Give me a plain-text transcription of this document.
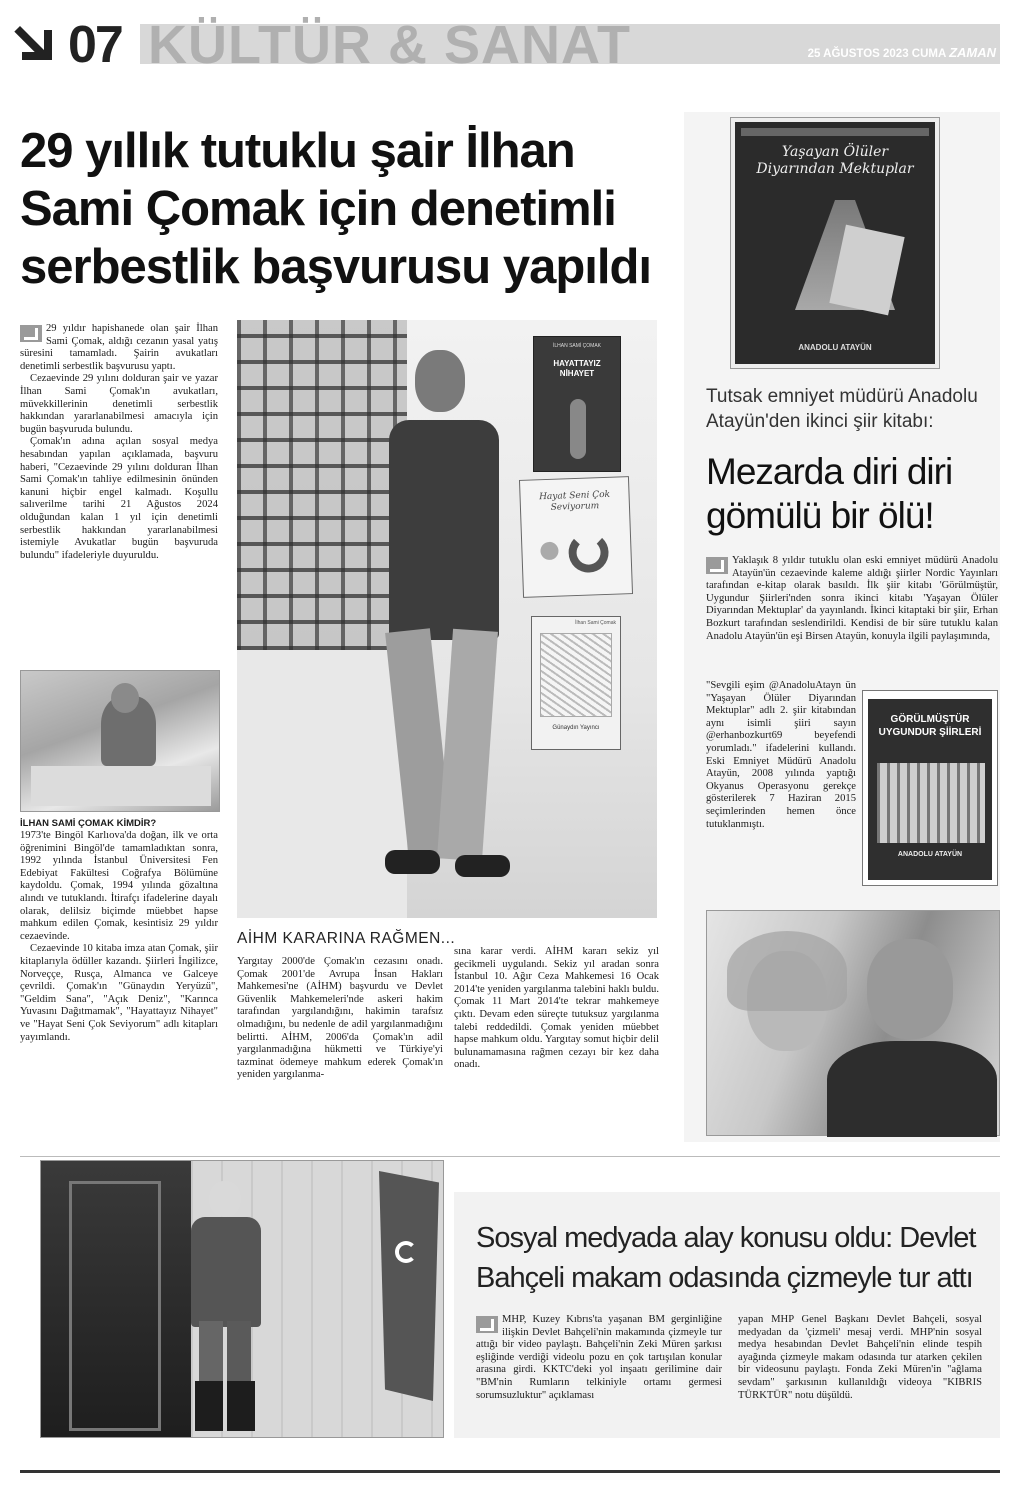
07 KÜLTÜR & SANAT	25 AĞUSTOS 2023 CUMA ZAMAN
29 yıllık tutuklu şair İlhan
Sami Çomak için denetimli
serbestlik başvurusu yapıldı

29 yıldır hapishanede olan şair İlhan Sami Çomak, aldığı cezanın yasal yatış süresini tamamladı. Şairin avukatları denetimli serbestlik başvurusu yaptı.

Cezaevinde 29 yılını dolduran şair ve yazar İlhan Sami Çomak'ın avukatları, müvekkillerinin denetimli serbestlik hakkından yararlanabilmesi amacıyla için bugün başvuruda bulundu.

Çomak'ın adına açılan sosyal medya hesabından yapılan açıklamada, başvuru haberi, "Cezaevinde 29 yılını dolduran İlhan Sami Çomak'ın tahliye edilmesinin önünden kanuni hiçbir engel kalmadı. Koşullu salıverilme tarihi 21 Ağustos 2024 olduğundan kalan 1 yıl için denetimli serbestlik hakkından yararlanabilmesi istemiyle Avukatlar bugün başvuruda bulundu" ifadeleriyle duyuruldu.

İLHAN SAMİ ÇOMAK KİMDİR?

1973'te Bingöl Karlıova'da doğan, ilk ve orta öğrenimini Bingöl'de tamamladıktan sonra, 1992 yılında İstanbul Üniversitesi Fen Edebiyat Fakültesi Coğrafya Bölümüne kaydoldu. Çomak, 1994 yılında gözaltına alındı ve tutuklandı. İtirafçı ifadelerine dayalı olarak, delilsiz biçimde müebbet hapse mahkum edilen Çomak, kesintisiz 29 yıldır cezaevinde.

Cezaevinde 10 kitaba imza atan Çomak, şiir kitaplarıyla ödüller kazandı. Şiirleri İngilizce, Norveççe, Rusça, Almanca ve Galceye çevrildi. Çomak'ın "Günaydın Yeryüzü", "Geldim Sana", "Açık Deniz", "Karınca Yuvasını Dağıtmamak", "Hayattayız Nihayet" ve "Hayat Seni Çok Seviyorum" adlı kitapları yayımlandı.

İLHAN SAMİ ÇOMAK
HAYATTAYIZ NİHAYET
Hayat Seni Çok Seviyorum
İlhan Sami Çomak
Günaydın Yayıncı
AİHM KARARINA RAĞMEN...

Yargıtay 2000'de Çomak'ın cezasını onadı. Çomak 2001'de Avrupa İnsan Hakları Mahkemesi'ne (AİHM) başvurdu ve Devlet Güvenlik Mahkemeleri'nde askeri hakim tarafından yargılandığını, hakimin tarafsız olmadığını, bu nedenle de adil yargılanmadığını belirtti. AİHM, 2006'da Çomak'ın adil yargılanmadığına hükmetti ve Türkiye'yi tazminat ödemeye mahkum ederek Çomak'ın yeniden yargılanma-

sına karar verdi. AİHM kararı sekiz yıl gecikmeli uygulandı. Sekiz yıl aradan sonra İstanbul 10. Ağır Ceza Mahkemesi 16 Ocak 2014'te yeniden yargılanma talebini haklı buldu. Çomak 11 Mart 2014'te tekrar mahkemeye çıktı. Devam eden süreçte tutuksuz yargılanma talebi reddedildi. Çomak yeniden müebbet hapse mahkum oldu. Yargıtay somut hiçbir delil bulunamamasına rağmen cezayı bir kez daha onadı.

Yaşayan Ölüler Diyarından Mektuplar
ANADOLU ATAYÜN
Tutsak emniyet müdürü Anadolu Atayün'den ikinci şiir kitabı:
Mezarda diri diri
gömülü bir ölü!

Yaklaşık 8 yıldır tutuklu olan eski emniyet müdürü Anadolu Atayün'ün cezaevinde kaleme aldığı şiirler Nordic Yayınları tarafından e-kitap olarak basıldı. İlk şiir kitabı 'Görülmüştür, Uygundur Şiirleri'nden sonra ikinci kitabı 'Yaşayan Ölüler Diyarından Mektuplar' da yayınlandı. İkinci kitaptaki bir şiir, Erhan Bozkurt tarafından seslendirildi. Kendisi de bir süre tutuklu kalan Anadolu Atayün'ün eşi Birsen Atayün, konuyla ilgili paylaşımında,

"Sevgili eşim @AnadoluAtayn ün "Yaşayan Ölüler Diyarından Mektuplar" adlı 2. şiir kitabından aynı isimli şiiri sayın @erhanbozkurt69 beyefendi yorumladı." ifadelerini kullandı. Eski Emniyet Müdürü Anadolu Atayün, 2008 yılında yaptığı Okyanus Operasyonu gerekçe gösterilerek 7 Haziran 2015 seçimlerinden hemen önce tutuklanmıştı.

GÖRÜLMÜŞTÜR UYGUNDUR ŞİİRLERİ
ANADOLU ATAYÜN
Sosyal medyada alay konusu oldu: Devlet
Bahçeli makam odasında çizmeyle tur attı

MHP, Kuzey Kıbrıs'ta yaşanan BM gerginliğine ilişkin Devlet Bahçeli'nin makamında çizmeyle tur attığı bir video paylaştı. Bahçeli'nin Zeki Müren şarkısı eşliğinde verdiği videolu pozu en çok tartışılan konular arasına girdi. KKTC'deki yol inşaatı gerilimine dair "BM'nin Rumların telkiniyle ortamı germesi sorumsuzluktur" açıklaması

yapan MHP Genel Başkanı Devlet Bahçeli, sosyal medyadan da 'çizmeli' mesaj verdi. MHP'nin sosyal medya hesabından Devlet Bahçeli'nin elinde tespih ayağında çizmeyle makam odasında tur atarken çekilen bir videosunu paylaştı. Fonda Zeki Müren'in "ağlama sevdam" şarkısının kullanıldığı videoya "KIBRIS TÜRKTÜR" notu düşüldü.
